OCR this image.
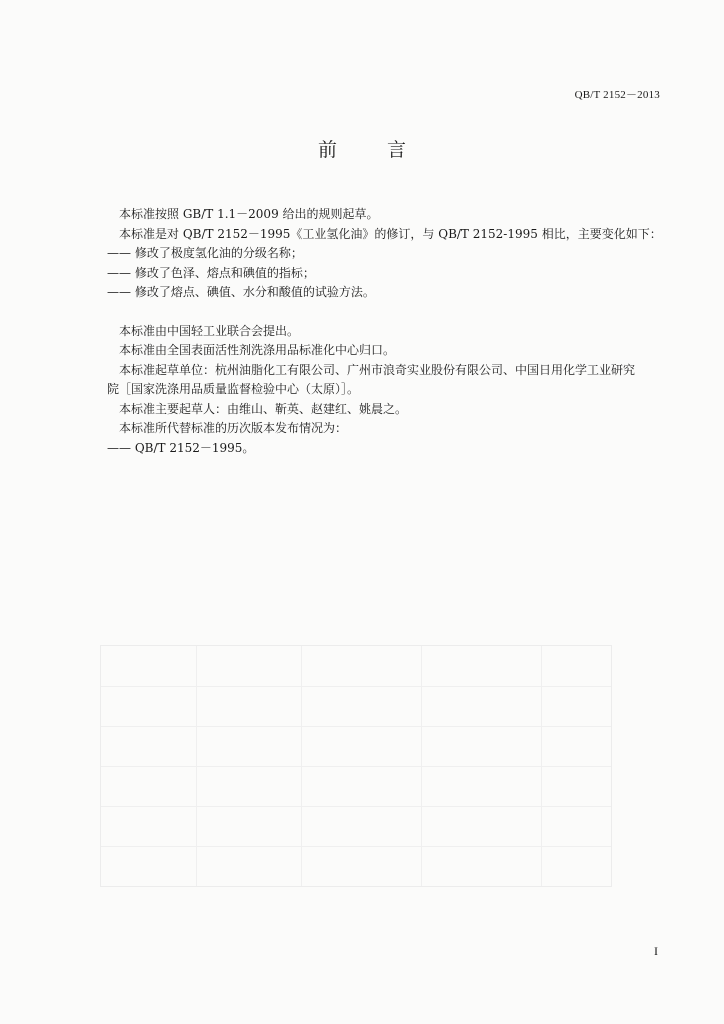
QB/T 2152－2013
前 言
本标准按照 GB/T 1.1－2009 给出的规则起草。
本标准是对 QB/T 2152－1995《工业氢化油》的修订，与 QB/T 2152-1995 相比，主要变化如下：
—— 修改了极度氢化油的分级名称；
—— 修改了色泽、熔点和碘值的指标；
—— 修改了熔点、碘值、水分和酸值的试验方法。
本标准由中国轻工业联合会提出。
本标准由全国表面活性剂洗涤用品标准化中心归口。
本标准起草单位：杭州油脂化工有限公司、广州市浪奇实业股份有限公司、中国日用化学工业研究
院［国家洗涤用品质量监督检验中心（太原）］。
本标准主要起草人：由维山、靳英、赵建红、姚晨之。
本标准所代替标准的历次版本发布情况为：
—— QB/T 2152－1995。
I
